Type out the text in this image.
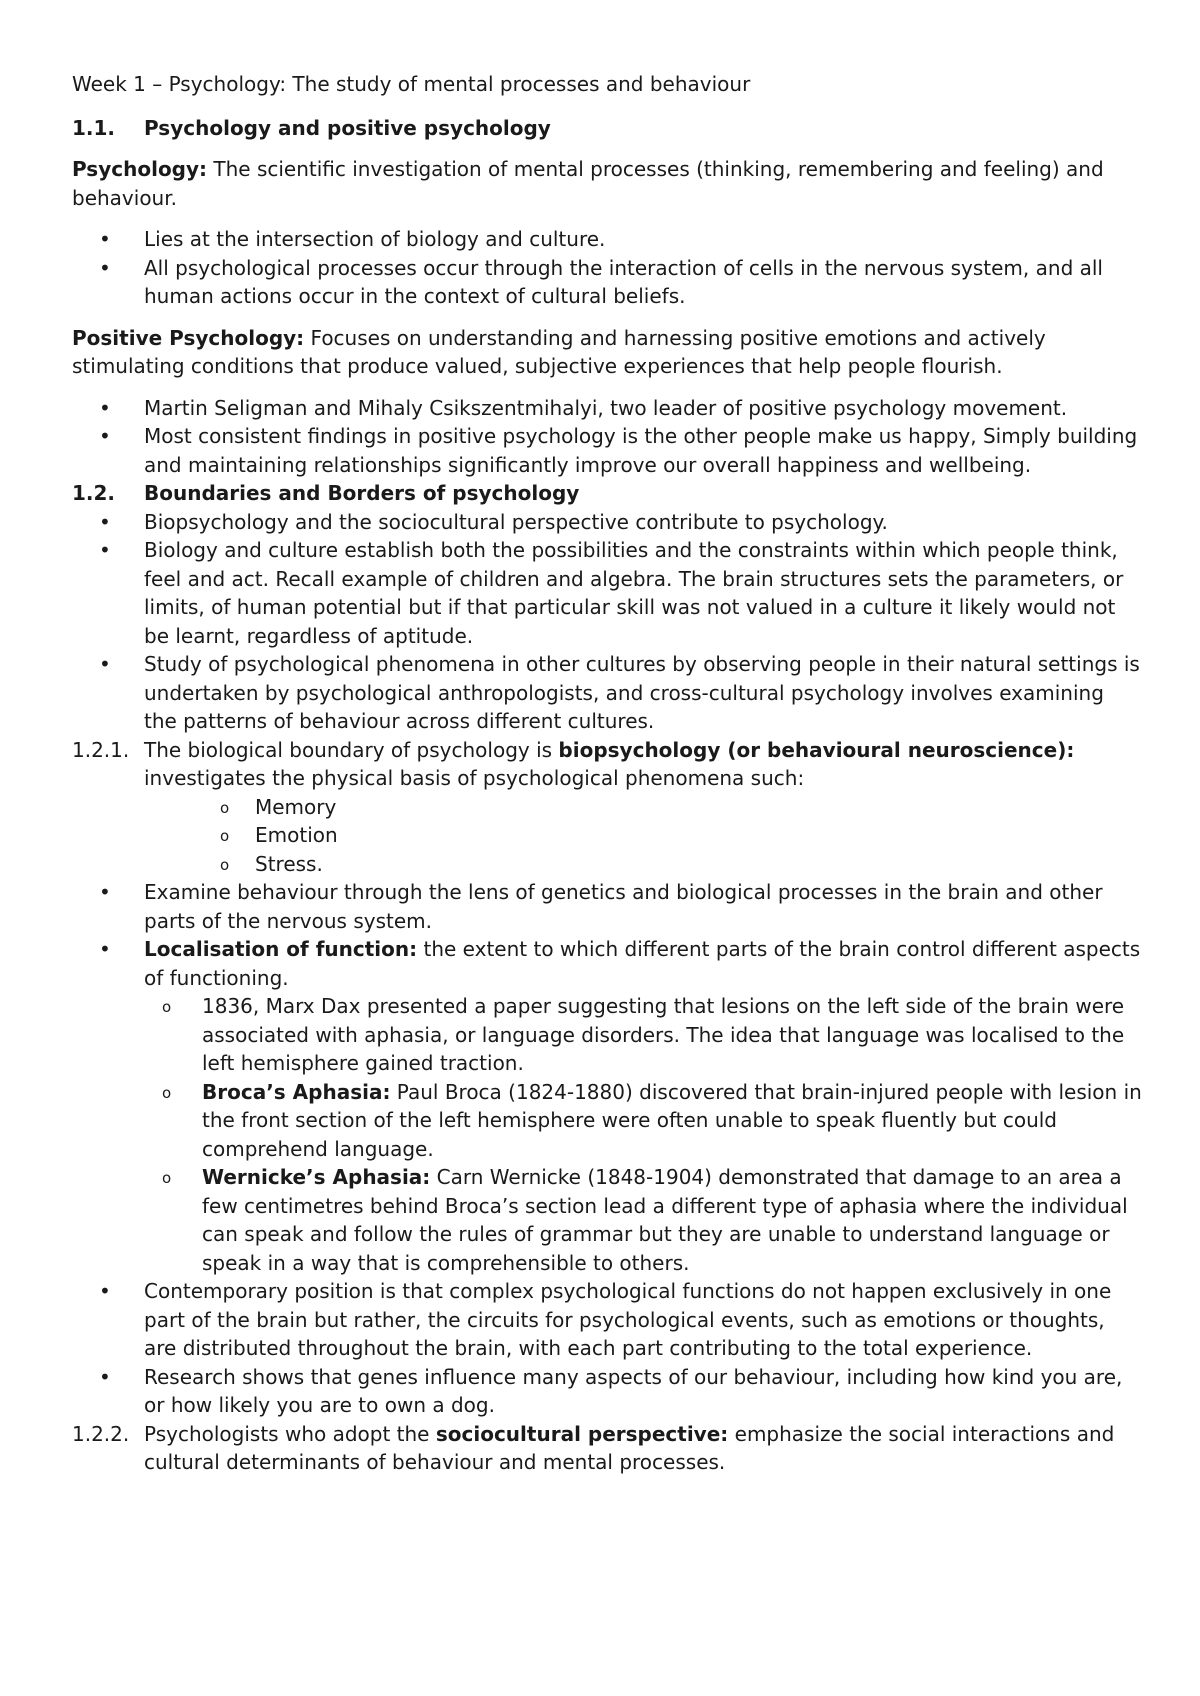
Week 1 – Psychology: The study of mental processes and behaviour

1.1.	Psychology and positive psychology

Psychology: The scientific investigation of mental processes (thinking, remembering and feeling) and behaviour.

• Lies at the intersection of biology and culture.

• All psychological processes occur through the interaction of cells in the nervous system, and all human actions occur in the context of cultural beliefs.

Positive Psychology: Focuses on understanding and harnessing positive emotions and actively stimulating conditions that produce valued, subjective experiences that help people flourish.

• Martin Seligman and Mihaly Csikszentmihalyi, two leader of positive psychology movement.

• Most consistent findings in positive psychology is the other people make us happy, Simply building and maintaining relationships significantly improve our overall happiness and wellbeing.

1.2.	Boundaries and Borders of psychology

• Biopsychology and the sociocultural perspective contribute to psychology.

• Biology and culture establish both the possibilities and the constraints within which people think, feel and act. Recall example of children and algebra. The brain structures sets the parameters, or limits, of human potential but if that particular skill was not valued in a culture it likely would not be learnt, regardless of aptitude.

• Study of psychological phenomena in other cultures by observing people in their natural settings is undertaken by psychological anthropologists, and cross-cultural psychology involves examining the patterns of behaviour across different cultures.

1.2.1. The biological boundary of psychology is biopsychology (or behavioural neuroscience): investigates the physical basis of psychological phenomena such:

o Memory

o Emotion

o Stress.

• Examine behaviour through the lens of genetics and biological processes in the brain and other parts of the nervous system.

• Localisation of function: the extent to which different parts of the brain control different aspects of functioning.

o 1836, Marx Dax presented a paper suggesting that lesions on the left side of the brain were associated with aphasia, or language disorders. The idea that language was localised to the left hemisphere gained traction.

o Broca’s Aphasia: Paul Broca (1824-1880) discovered that brain-injured people with lesion in the front section of the left hemisphere were often unable to speak fluently but could comprehend language.

o Wernicke’s Aphasia: Carn Wernicke (1848-1904) demonstrated that damage to an area a few centimetres behind Broca’s section lead a different type of aphasia where the individual can speak and follow the rules of grammar but they are unable to understand language or speak in a way that is comprehensible to others.

• Contemporary position is that complex psychological functions do not happen exclusively in one part of the brain but rather, the circuits for psychological events, such as emotions or thoughts, are distributed throughout the brain, with each part contributing to the total experience.

• Research shows that genes influence many aspects of our behaviour, including how kind you are, or how likely you are to own a dog.

1.2.2. Psychologists who adopt the sociocultural perspective: emphasize the social interactions and cultural determinants of behaviour and mental processes.
